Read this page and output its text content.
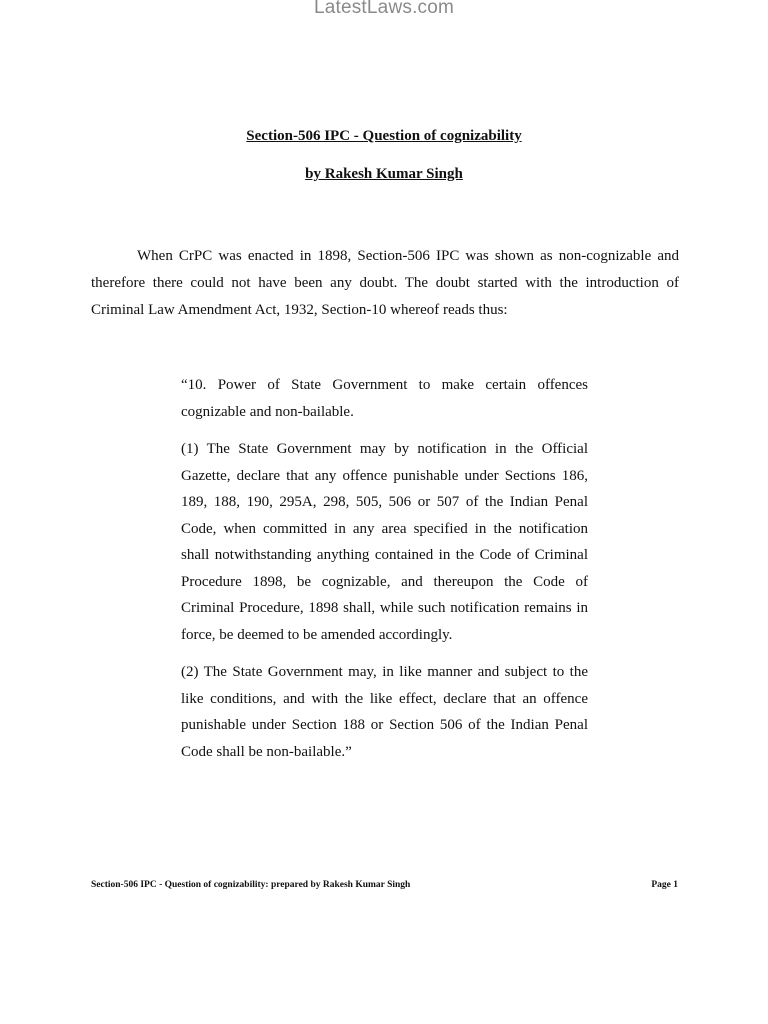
LatestLaws.com
Section-506 IPC - Question of cognizability
by Rakesh Kumar Singh

When CrPC was enacted in 1898, Section-506 IPC was shown as non-cognizable and therefore there could not have been any doubt. The doubt started with the introduction of Criminal Law Amendment Act, 1932, Section-10 whereof reads thus:

“10. Power of State Government to make certain offences cognizable and non-bailable.

(1) The State Government may by notification in the Official Gazette, declare that any offence punishable under Sections 186, 189, 188, 190, 295A, 298, 505, 506 or 507 of the Indian Penal Code, when committed in any area specified in the notification shall notwithstanding anything contained in the Code of Criminal Procedure 1898, be cognizable, and thereupon the Code of Criminal Procedure, 1898 shall, while such notification remains in force, be deemed to be amended accordingly.

(2) The State Government may, in like manner and subject to the like conditions, and with the like effect, declare that an offence punishable under Section 188 or Section 506 of the Indian Penal Code shall be non-bailable.”

Section-506 IPC - Question of cognizability: prepared by Rakesh Kumar Singh	Page 1
